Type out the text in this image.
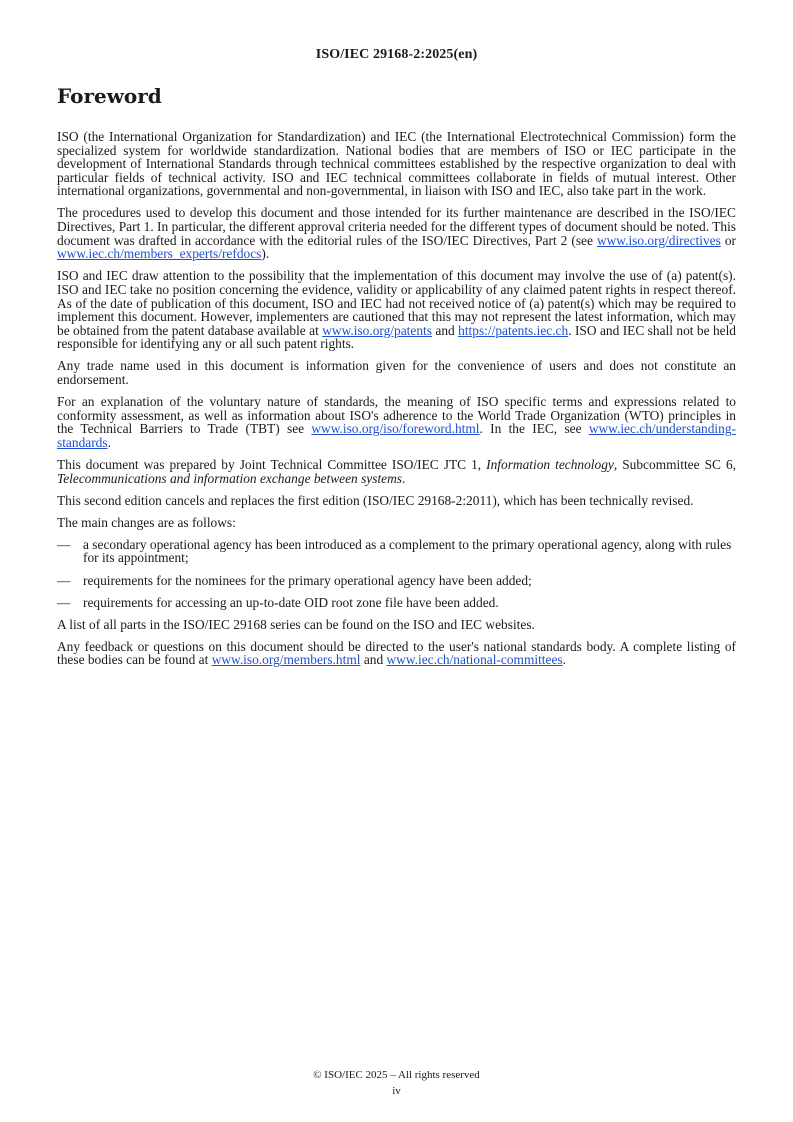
ISO/IEC 29168-2:2025(en)
Foreword

ISO (the International Organization for Standardization) and IEC (the International Electrotechnical Commission) form the specialized system for worldwide standardization. National bodies that are members of ISO or IEC participate in the development of International Standards through technical committees established by the respective organization to deal with particular fields of technical activity. ISO and IEC technical committees collaborate in fields of mutual interest. Other international organizations, governmental and non-governmental, in liaison with ISO and IEC, also take part in the work.

The procedures used to develop this document and those intended for its further maintenance are described in the ISO/IEC Directives, Part 1. In particular, the different approval criteria needed for the different types of document should be noted. This document was drafted in accordance with the editorial rules of the ISO/IEC Directives, Part 2 (see www.iso.org/directives or www.iec.ch/members_experts/refdocs).

ISO and IEC draw attention to the possibility that the implementation of this document may involve the use of (a) patent(s). ISO and IEC take no position concerning the evidence, validity or applicability of any claimed patent rights in respect thereof. As of the date of publication of this document, ISO and IEC had not received notice of (a) patent(s) which may be required to implement this document. However, implementers are cautioned that this may not represent the latest information, which may be obtained from the patent database available at www.iso.org/patents and https://patents.iec.ch. ISO and IEC shall not be held responsible for identifying any or all such patent rights.

Any trade name used in this document is information given for the convenience of users and does not constitute an endorsement.

For an explanation of the voluntary nature of standards, the meaning of ISO specific terms and expressions related to conformity assessment, as well as information about ISO's adherence to the World Trade Organization (WTO) principles in the Technical Barriers to Trade (TBT) see www.iso.org/iso/foreword.html. In the IEC, see www.iec.ch/understanding-standards.

This document was prepared by Joint Technical Committee ISO/IEC JTC 1, Information technology, Subcommittee SC 6, Telecommunications and information exchange between systems.

This second edition cancels and replaces the first edition (ISO/IEC 29168-2:2011), which has been technically revised.

The main changes are as follows:

— a secondary operational agency has been introduced as a complement to the primary operational agency, along with rules for its appointment;
— requirements for the nominees for the primary operational agency have been added;
— requirements for accessing an up-to-date OID root zone file have been added.

A list of all parts in the ISO/IEC 29168 series can be found on the ISO and IEC websites.

Any feedback or questions on this document should be directed to the user's national standards body. A complete listing of these bodies can be found at www.iso.org/members.html and www.iec.ch/national-committees.

© ISO/IEC 2025 – All rights reserved
iv
